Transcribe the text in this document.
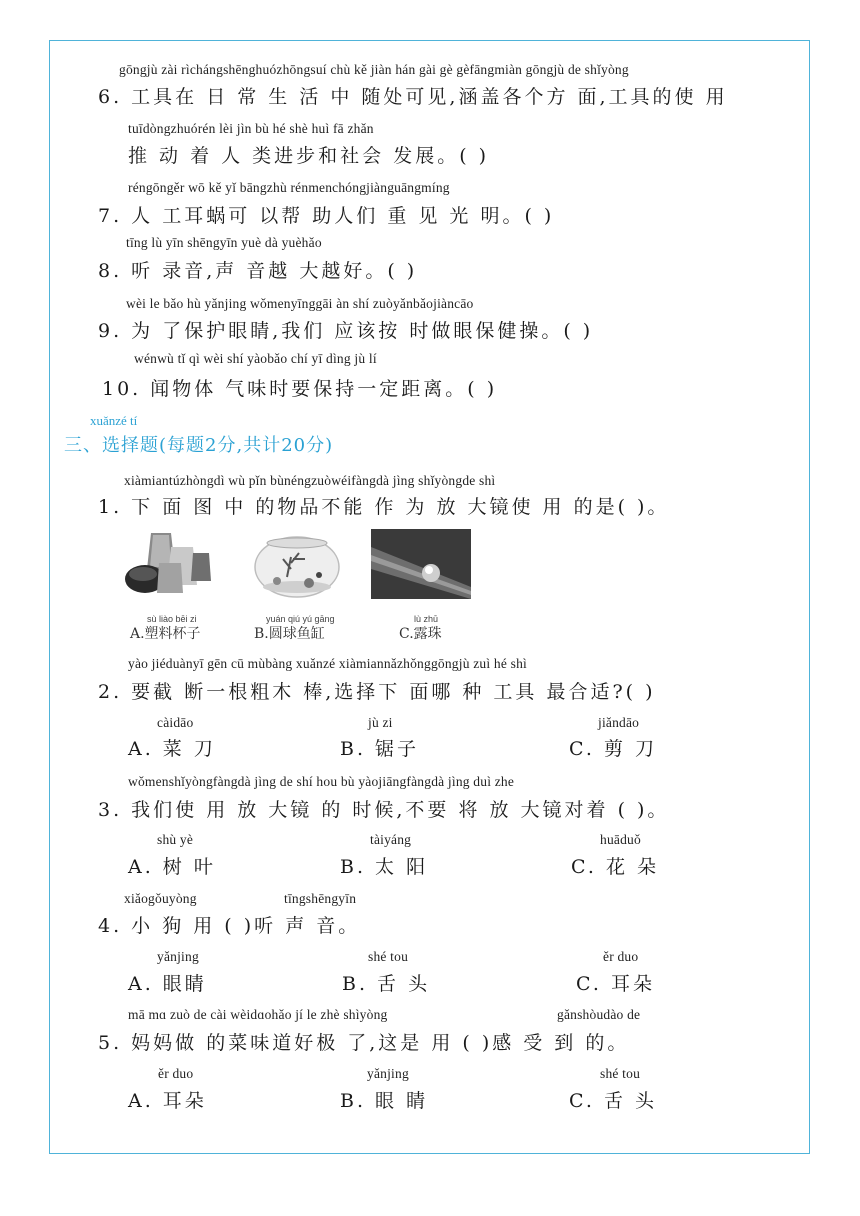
gōngjù zài rìchángshēnghuózhōngsuí chù kě jiàn hán gài gè gèfāngmiàn gōngjù de shǐyòng
6. 工具在 日 常 生 活 中 随处可见,涵盖各个方 面,工具的使 用
tuīdòngzhuórén lèi jìn bù hé shè huì fā zhǎn
推 动 着 人 类进步和社会 发展。( )
réngōngěr wō kě yǐ bāngzhù rénmenchóngjiànguāngmíng
7. 人 工耳蜗可 以帮 助人们 重 见 光 明。( )
tīng lù yīn shēngyīn yuè dà yuèhǎo
8. 听 录音,声 音越 大越好。( )
wèi le bǎo hù yǎnjing wǒmenyīnggāi àn shí zuòyǎnbǎojiàncāo
9. 为 了保护眼睛,我们 应该按 时做眼保健操。( )
wénwù tǐ qì wèi shí yàobǎo chí yī dìng jù lí
10. 闻物体 气味时要保持一定距离。( )
xuǎnzé tí
三、选择题(每题2分,共计20分)
xiàmiantúzhòngdì wù pǐn bùnéngzuòwéifàngdà jìng shǐyòngde shì
1. 下 面 图 中 的物品不能 作 为 放 大镜使 用 的是( )。
sù liào bēi zi
A.塑料杯子
yuán qiú yú gāng
B.圆球鱼缸
lù zhū
C.露珠
yào jiéduànyī gēn cū mùbàng xuǎnzé xiàmiannǎzhǒnggōngjù zuì hé shì
2. 要截 断一根粗木 棒,选择下 面哪 种 工具 最合适?( )
càidāo
A. 菜 刀
jù zi
B. 锯子
jiǎndāo
C. 剪 刀
wǒmenshǐyòngfàngdà jìng de shí hou bù yàojiāngfàngdà jìng duì zhe
3. 我们使 用 放 大镜 的 时候,不要 将 放 大镜对着 ( )。
shù yè
A. 树 叶
tàiyáng
B. 太 阳
huāduǒ
C. 花 朵
xiǎogǒuyòng	tīngshēngyīn
4. 小 狗 用 ( )听 声 音。
yǎnjing
A. 眼睛
shé tou
B. 舌 头
ěr duo
C. 耳朵
mā mɑ zuò de cài wèidɑohǎo jí le zhè shìyòng	gǎnshòudào de
5. 妈妈做 的菜味道好极 了,这是 用 ( )感 受 到 的。
ěr duo
A. 耳朵
yǎnjing
B. 眼 睛
shé tou
C. 舌 头
